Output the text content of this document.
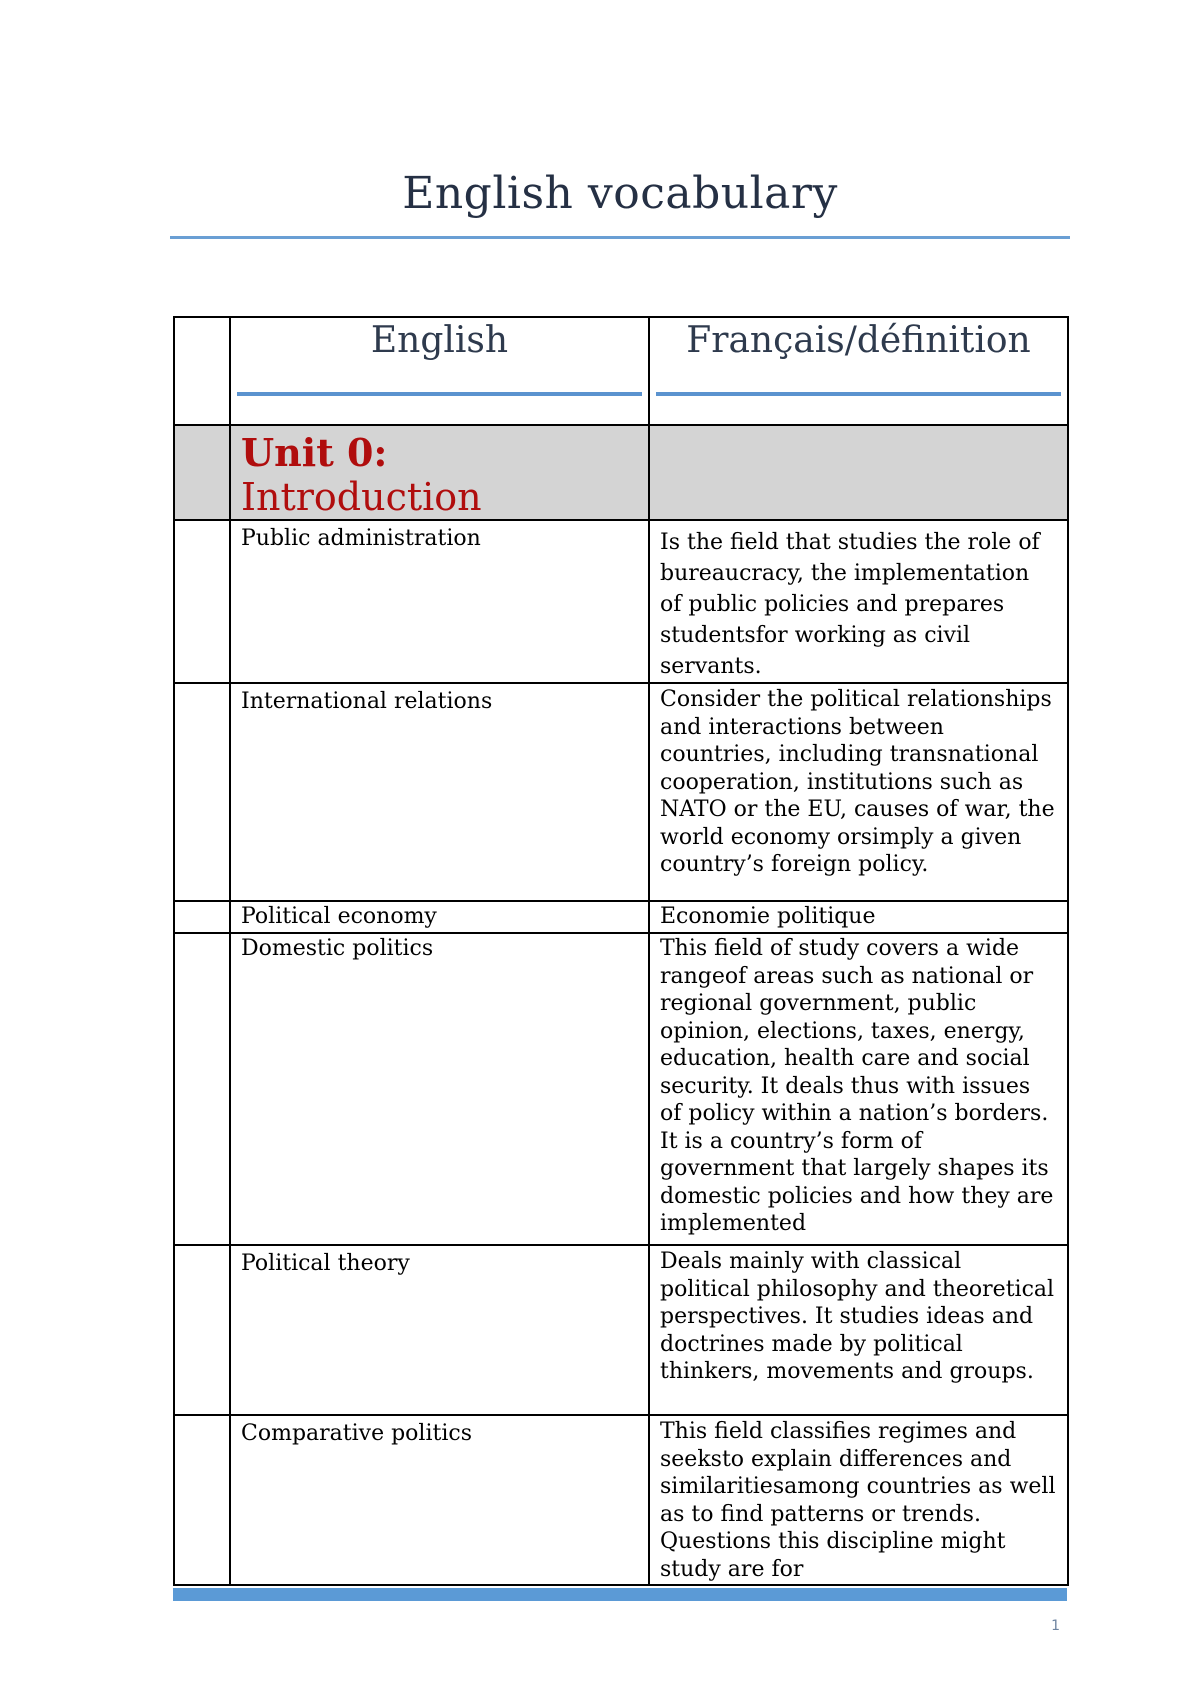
English vocabulary

	English	Français/définition

	Unit 0: Introduction	

	Public administration	Is the field that studies the role of bureaucracy, the implementation of public policies and prepares studentsfor working as civil servants.

	International relations	Consider the political relationships and interactions between countries, including transnational cooperation, institutions such as NATO or the EU, causes of war, the world economy orsimply a given country’s foreign policy.

	Political economy	Economie politique

	Domestic politics	This field of study covers a wide rangeof areas such as national or regional government, public opinion, elections, taxes, energy, education, health care and social security. It deals thus with issues of policy within a nation’s borders. It is a country’s form of government that largely shapes its domestic policies and how they are implemented

	Political theory	Deals mainly with classical political philosophy and theoretical perspectives. It studies ideas and doctrines made by political thinkers, movements and groups.

	Comparative politics	This field classifies regimes and seeksto explain differences and similaritiesamong countries as well as to find patterns or trends. Questions this discipline might study are for
1
